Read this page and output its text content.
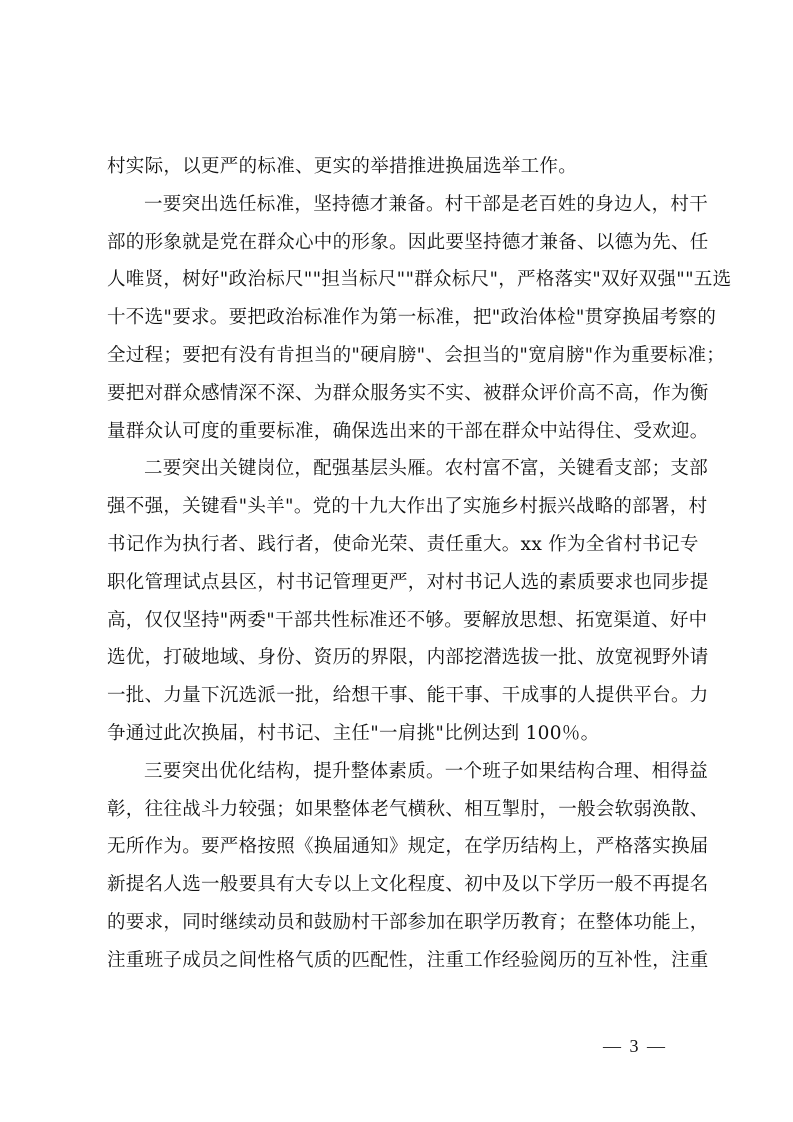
村实际，以更严的标准、更实的举措推进换届选举工作。
一要突出选任标准，坚持德才兼备。村干部是老百姓的身边人，村干
部的形象就是党在群众心中的形象。因此要坚持德才兼备、以德为先、任
人唯贤，树好"政治标尺""担当标尺""群众标尺"，严格落实"双好双强""五选
十不选"要求。要把政治标准作为第一标准，把"政治体检"贯穿换届考察的
全过程；要把有没有肯担当的"硬肩膀"、会担当的"宽肩膀"作为重要标准；
要把对群众感情深不深、为群众服务实不实、被群众评价高不高，作为衡
量群众认可度的重要标准，确保选出来的干部在群众中站得住、受欢迎。
二要突出关键岗位，配强基层头雁。农村富不富，关键看支部；支部
强不强，关键看"头羊"。党的十九大作出了实施乡村振兴战略的部署，村
书记作为执行者、践行者，使命光荣、责任重大。xx 作为全省村书记专
职化管理试点县区，村书记管理更严，对村书记人选的素质要求也同步提
高，仅仅坚持"两委"干部共性标准还不够。要解放思想、拓宽渠道、好中
选优，打破地域、身份、资历的界限，内部挖潜选拔一批、放宽视野外请
一批、力量下沉选派一批，给想干事、能干事、干成事的人提供平台。力
争通过此次换届，村书记、主任"一肩挑"比例达到 100％。
三要突出优化结构，提升整体素质。一个班子如果结构合理、相得益
彰，往往战斗力较强；如果整体老气横秋、相互掣肘，一般会软弱涣散、
无所作为。要严格按照《换届通知》规定，在学历结构上，严格落实换届
新提名人选一般要具有大专以上文化程度、初中及以下学历一般不再提名
的要求，同时继续动员和鼓励村干部参加在职学历教育；在整体功能上，
注重班子成员之间性格气质的匹配性，注重工作经验阅历的互补性，注重
— 3 —
